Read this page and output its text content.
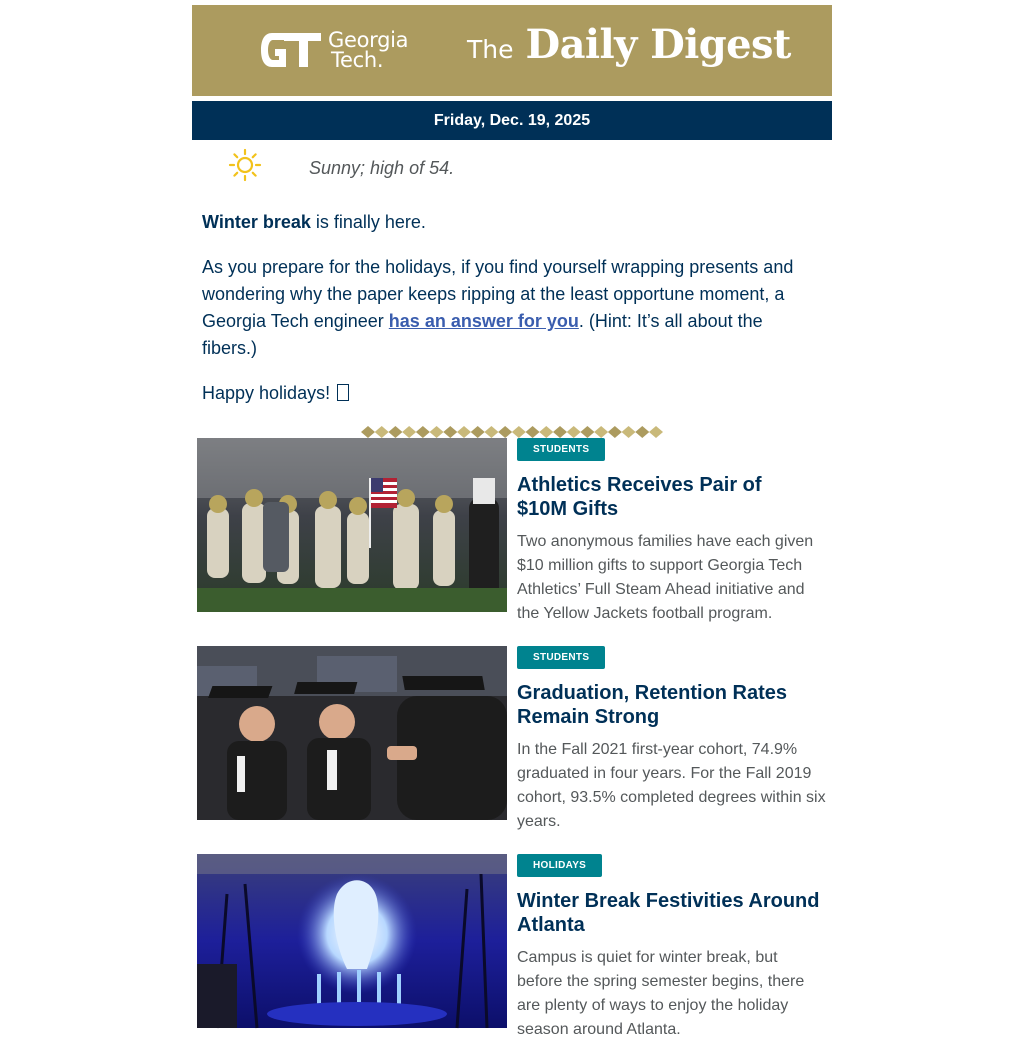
Georgia
Tech.	The Daily Digest
Friday, Dec. 19, 2025
Sunny; high of 54.

Winter break is finally here.

As you prepare for the holidays, if you find yourself wrapping presents and wondering why the paper keeps ripping at the least opportune moment, a Georgia Tech engineer has an answer for you. (Hint: It’s all about the fibers.)

Happy holidays!

STUDENTS
Athletics Receives Pair of
$10M Gifts
Two anonymous families have each given $10 million gifts to support Georgia Tech Athletics’ Full Steam Ahead initiative and the Yellow Jackets football program.
STUDENTS
Graduation, Retention Rates
Remain Strong
In the Fall 2021 first-year cohort, 74.9% graduated in four years. For the Fall 2019 cohort, 93.5% completed degrees within six years.
HOLIDAYS
Winter Break Festivities Around
Atlanta
Campus is quiet for winter break, but before the spring semester begins, there are plenty of ways to enjoy the holiday season around Atlanta.
